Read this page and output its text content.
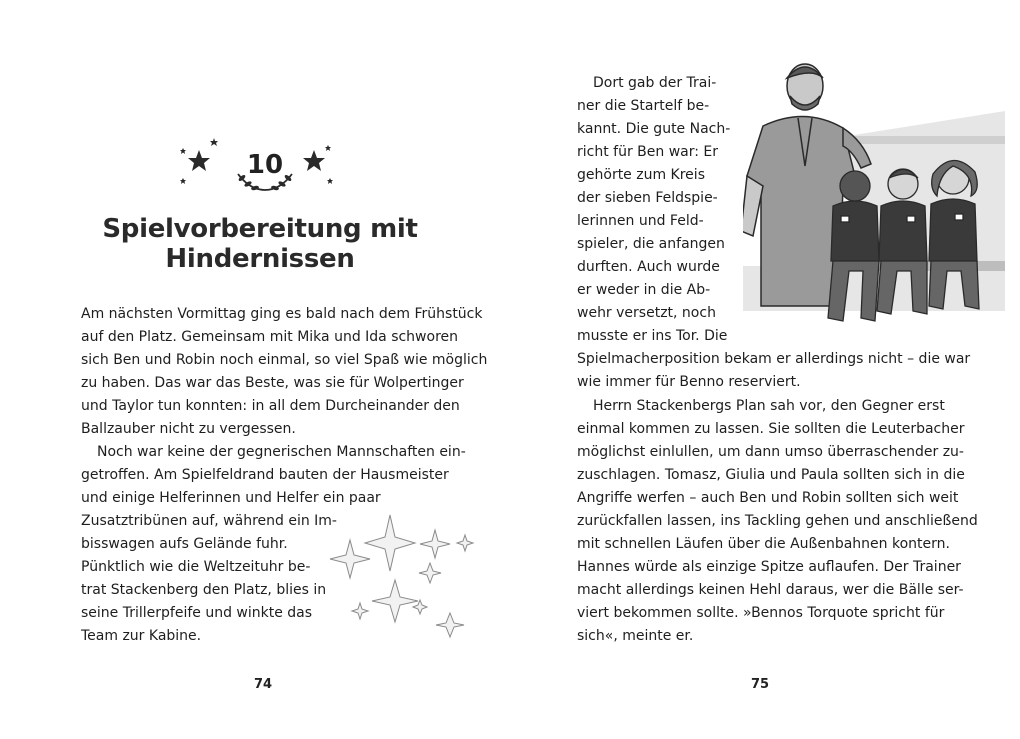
10
Spielvorbereitung mit
Hindernissen
Am nächsten Vormittag ging es bald nach dem Frühstück
auf den Platz. Gemeinsam mit Mika und Ida schworen
sich Ben und Robin noch einmal, so viel Spaß wie möglich
zu haben. Das war das Beste, was sie für Wolpertinger
und Taylor tun konnten: in all dem Durcheinander den
Ballzauber nicht zu vergessen.
Noch war keine der gegnerischen Mannschaften ein-
getroffen. Am Spielfeldrand bauten der Hausmeister
und einige Helferinnen und Helfer ein paar
Zusatztribünen auf, während ein Im-
bisswagen aufs Gelände fuhr.
Pünktlich wie die Weltzeituhr be-
trat Stackenberg den Platz, blies in
seine Trillerpfeife und winkte das
Team zur Kabine.
74
Dort gab der Trai-
ner die Startelf be-
kannt. Die gute Nach-
richt für Ben war: Er
gehörte zum Kreis
der sieben Feldspie-
lerinnen und Feld-
spieler, die anfangen
durften. Auch wurde
er weder in die Ab-
wehr versetzt, noch
musste er ins Tor. Die
Spielmacherposition bekam er allerdings nicht – die war
wie immer für Benno reserviert.
Herrn Stackenbergs Plan sah vor, den Gegner erst
einmal kommen zu lassen. Sie sollten die Leuterbacher
möglichst einlullen, um dann umso überraschender zu-
zuschlagen. Tomasz, Giulia und Paula sollten sich in die
Angriffe werfen – auch Ben und Robin sollten sich weit
zurückfallen lassen, ins Tackling gehen und anschließend
mit schnellen Läufen über die Außenbahnen kontern.
Hannes würde als einzige Spitze auflaufen. Der Trainer
macht allerdings keinen Hehl daraus, wer die Bälle ser-
viert bekommen sollte. »Bennos Torquote spricht für
sich«, meinte er.
75
